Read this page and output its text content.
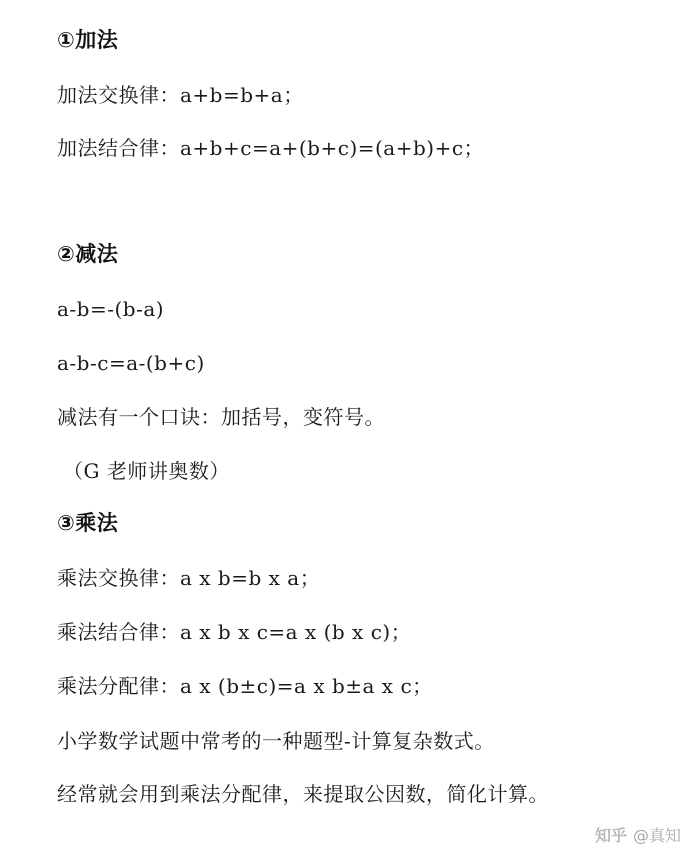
①加法
加法交换律：a+b=b+a；
加法结合律：a+b+c=a+(b+c)=(a+b)+c；
②减法
a-b=-(b-a)
a-b-c=a-(b+c)
减法有一个口诀：加括号，变符号。
（G 老师讲奥数）
③乘法
乘法交换律：a x b=b x a；
乘法结合律：a x b x c=a x (b x c)；
乘法分配律：a x (b±c)=a x b±a x c；
小学数学试题中常考的一种题型-计算复杂数式。
经常就会用到乘法分配律，来提取公因数，简化计算。
知乎 @真知
